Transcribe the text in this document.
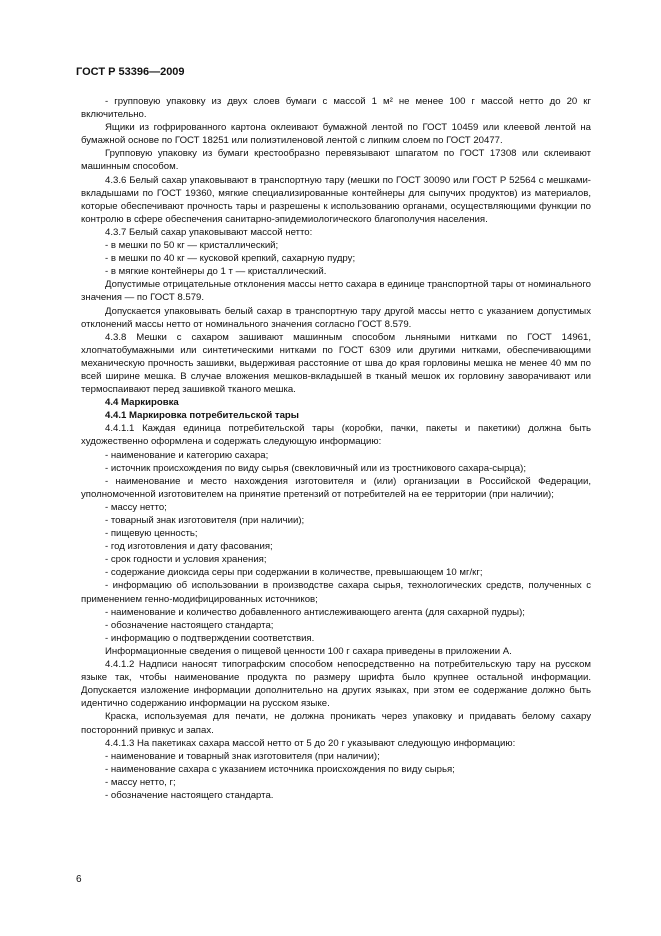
ГОСТ Р 53396—2009

- групповую упаковку из двух слоев бумаги с массой 1 м² не менее 100 г массой нетто до 20 кг включительно.

Ящики из гофрированного картона оклеивают бумажной лентой по ГОСТ 10459 или клеевой лентой на бумажной основе по ГОСТ 18251 или полиэтиленовой лентой с липким слоем по ГОСТ 20477.

Групповую упаковку из бумаги крестообразно перевязывают шпагатом по ГОСТ 17308 или склеивают машинным способом.

4.3.6 Белый сахар упаковывают в транспортную тару (мешки по ГОСТ 30090 или ГОСТ Р 52564 с мешками-вкладышами по ГОСТ 19360, мягкие специализированные контейнеры для сыпучих продуктов) из материалов, которые обеспечивают прочность тары и разрешены к использованию органами, осуществляющими функции по контролю в сфере обеспечения санитарно-эпидемиологического благополучия населения.

4.3.7 Белый сахар упаковывают массой нетто:

- в мешки по 50 кг — кристаллический;

- в мешки по 40 кг — кусковой крепкий, сахарную пудру;

- в мягкие контейнеры до 1 т — кристаллический.

Допустимые отрицательные отклонения массы нетто сахара в единице транспортной тары от номинального значения — по ГОСТ 8.579.

Допускается упаковывать белый сахар в транспортную тару другой массы нетто с указанием допустимых отклонений массы нетто от номинального значения согласно ГОСТ 8.579.

4.3.8 Мешки с сахаром зашивают машинным способом льняными нитками по ГОСТ 14961, хлопчатобумажными или синтетическими нитками по ГОСТ 6309 или другими нитками, обеспечивающими механическую прочность зашивки, выдерживая расстояние от шва до края горловины мешка не менее 40 мм по всей ширине мешка. В случае вложения мешков-вкладышей в тканый мешок их горловину заворачивают или термоспаивают перед зашивкой тканого мешка.

4.4 Маркировка

4.4.1 Маркировка потребительской тары

4.4.1.1 Каждая единица потребительской тары (коробки, пачки, пакеты и пакетики) должна быть художественно оформлена и содержать следующую информацию:

- наименование и категорию сахара;

- источник происхождения по виду сырья (свекловичный или из тростникового сахара-сырца);

- наименование и место нахождения изготовителя и (или) организации в Российской Федерации, уполномоченной изготовителем на принятие претензий от потребителей на ее территории (при наличии);

- массу нетто;

- товарный знак изготовителя (при наличии);

- пищевую ценность;

- год изготовления и дату фасования;

- срок годности и условия хранения;

- содержание диоксида серы при содержании в количестве, превышающем 10 мг/кг;

- информацию об использовании в производстве сахара сырья, технологических средств, полученных с применением генно-модифицированных источников;

- наименование и количество добавленного антислеживающего агента (для сахарной пудры);

- обозначение настоящего стандарта;

- информацию о подтверждении соответствия.

Информационные сведения о пищевой ценности 100 г сахара приведены в приложении А.

4.4.1.2 Надписи наносят типографским способом непосредственно на потребительскую тару на русском языке так, чтобы наименование продукта по размеру шрифта было крупнее остальной информации. Допускается изложение информации дополнительно на других языках, при этом ее содержание должно быть идентично содержанию информации на русском языке.

Краска, используемая для печати, не должна проникать через упаковку и придавать белому сахару посторонний привкус и запах.

4.4.1.3 На пакетиках сахара массой нетто от 5 до 20 г указывают следующую информацию:

- наименование и товарный знак изготовителя (при наличии);

- наименование сахара с указанием источника происхождения по виду сырья;

- массу нетто, г;

- обозначение настоящего стандарта.

6
